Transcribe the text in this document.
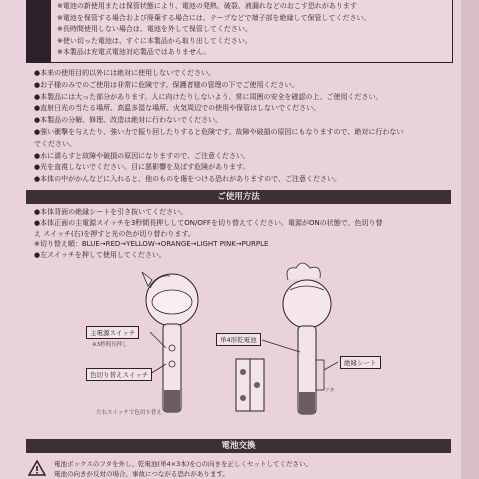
※電池の新使用または保管状態により、電池の発熱、破裂、液漏れなどのおこす恐れがあります
※電池を保管する場合および廃棄する場合には、テープなどで端子部を絶縁して保管してください。
※長時間使用しない場合は、電池を外して保管してください。
※使い切った電池は、すぐに本製品から取り出してください。
※本製品は充電式電池対応製品ではありません。
●本来の使用目的以外には絶対に使用しないでください。
●お子様のみでのご使用は非常に危険です。保護者様の管理の下でご使用ください。
●本製品には大った部分があります。人に向けたりしないよう、常に周囲の安全を確認の上、ご使用ください。
●直射日光の当たる場所、高温多湿な場所、火気周辺での使用や保管はしないでください。
●本製品の分解、修理、改造は絶対に行わないでください。
●強い衝撃を与えたり、強い力で振り回したりすると危険です。故障や破損の原因にもなりますので、絶対に行わない
でください。
●水に濡らすと故障や破損の原因になりますので、ご注意ください。
●光を直視しないでください。目に悪影響を及ぼす危険があります。
●本体の中がかんなどに入れると、他のものを傷をつける恐れがありますので、ご注意ください。
ご使用方法
●本体背面の絶縁シートを引き抜いてください。
●本体正面の主電源スイッチを3秒間長押ししてON/OFFを切り替えてください。電源がONの状態で、色切り替
え スイッチ(右)を押すと光の色が切り替わります。
※切り替え順：BLUE→RED→YELLOW→ORANGE→LIGHT PINK→PURPLE
●左スイッチを押して使用してください。
主電源スイッチ
※3秒間長押し
色切り替えスイッチ
左右スイッチで色切り替え
単4形乾電池
絶縁シート
フタ
電池交換
電池ボックスのフタを外し、乾電池(単4×3本)を○の向きを正しくセットしてください。
電池の向きが反対の場合、事故につながる恐れがあります。
